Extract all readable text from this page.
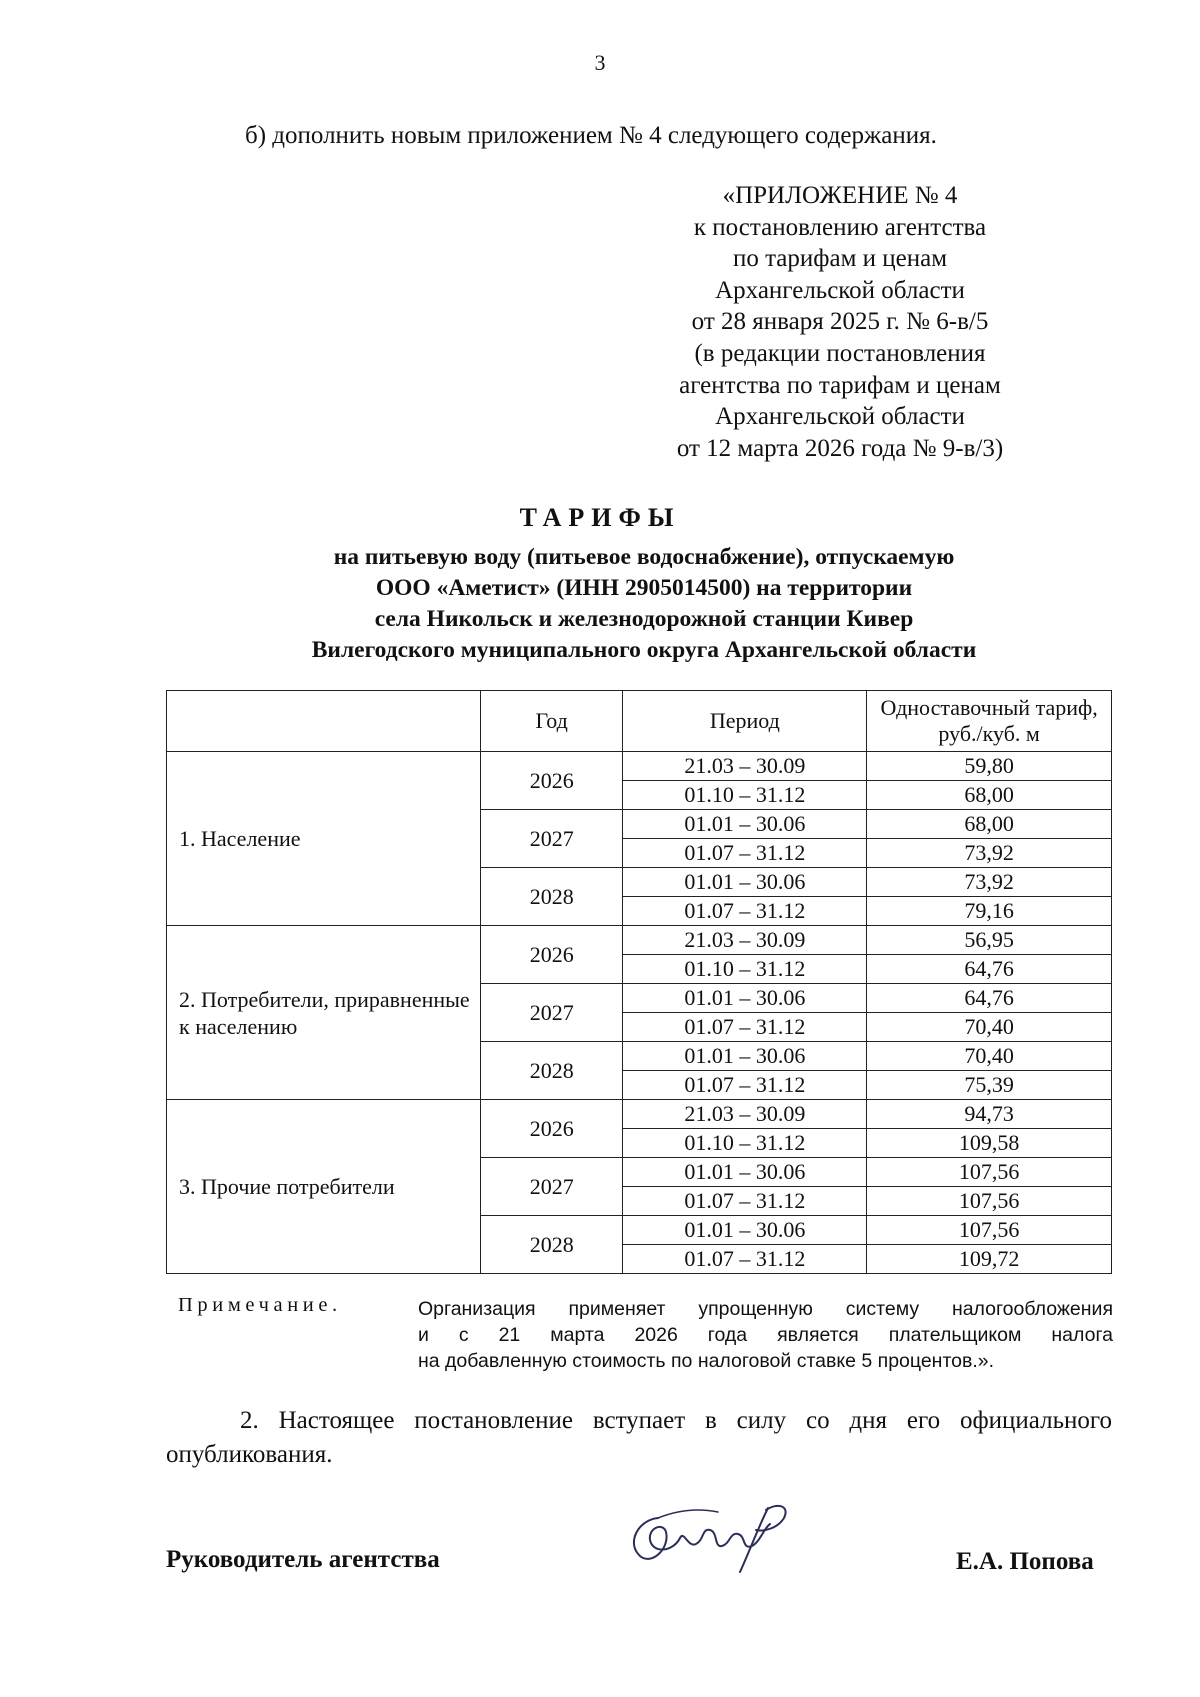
3
б) дополнить новым приложением № 4 следующего содержания.
«ПРИЛОЖЕНИЕ № 4
к постановлению агентства
по тарифам и ценам
Архангельской области
от 28 января 2025 г. № 6-в/5
(в редакции постановления
агентства по тарифам и ценам
Архангельской области
от 12 марта 2026 года № 9-в/3)
ТАРИФЫ
на питьевую воду (питьевое водоснабжение), отпускаемую
ООО «Аметист» (ИНН 2905014500) на территории
села Никольск и железнодорожной станции Кивер
Вилегодского муниципального округа Архангельской области
	Год	Период	Одноставочный тариф, руб./куб. м
1. Население	2026	21.03 – 30.09	59,80
		01.10 – 31.12	68,00
	2027	01.01 – 30.06	68,00
		01.07 – 31.12	73,92
	2028	01.01 – 30.06	73,92
		01.07 – 31.12	79,16
2. Потребители, приравненные к населению	2026	21.03 – 30.09	56,95
		01.10 – 31.12	64,76
	2027	01.01 – 30.06	64,76
		01.07 – 31.12	70,40
	2028	01.01 – 30.06	70,40
		01.07 – 31.12	75,39
3. Прочие потребители	2026	21.03 – 30.09	94,73
		01.10 – 31.12	109,58
	2027	01.01 – 30.06	107,56
		01.07 – 31.12	107,56
	2028	01.01 – 30.06	107,56
		01.07 – 31.12	109,72
Примечание.	Организация применяет упрощенную систему налогообложения
и с 21 марта 2026 года является плательщиком налога
на добавленную стоимость по налоговой ставке 5 процентов.».
2. Настоящее постановление вступает в силу со дня его официального
опубликования.
Руководитель агентства	Е.А. Попова
